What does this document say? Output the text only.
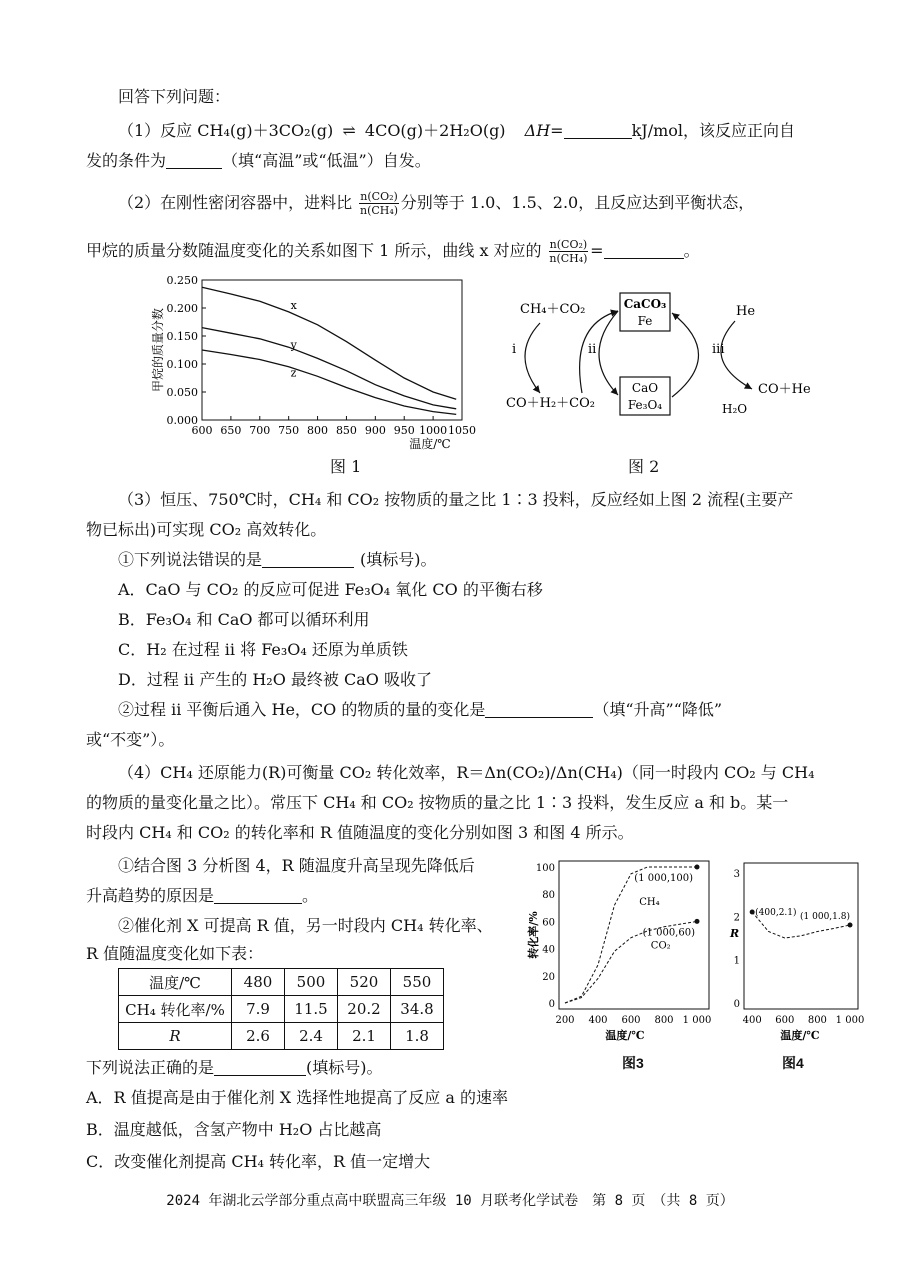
回答下列问题：
（1）反应 CH₄(g)＋3CO₂(g) ⇌ 4CO(g)＋2H₂O(g) ΔH=	kJ/mol，该反应正向自
发的条件为	（填“高温”或“低温”）自发。
（2）在刚性密闭容器中，进料比 $\frac{\text{n(CO₂)}}{\text{n(CH₄)}}$ 分别等于 1.0、1.5、2.0，且反应达到平衡状态，
甲烷的质量分数随温度变化的关系如图下 1 所示，曲线 x 对应的 $\frac{\text{n(CO₂)}}{\text{n(CH₄)}}$ =	。
0.250
0.200
0.150
0.100
0.050
0.000
600 650 700 750 800 850 900 950 1000 1050
温度/℃
甲烷的质量分数
x
y
z
图 1
CH₄＋CO₂	CaCO₃
Fe
CaO
Fe₃O₄
He
CO＋H₂＋CO₂
CO＋He
H₂O
i	ii	iii
图 2
（3）恒压、750℃时，CH₄ 和 CO₂ 按物质的量之比 1∶3 投料，反应经如上图 2 流程(主要产
物已标出)可实现 CO₂ 高效转化。
①下列说法错误的是	(填标号)。
A．CaO 与 CO₂ 的反应可促进 Fe₃O₄ 氧化 CO 的平衡右移
B．Fe₃O₄ 和 CaO 都可以循环利用
C．H₂ 在过程 ii 将 Fe₃O₄ 还原为单质铁
D．过程 ii 产生的 H₂O 最终被 CaO 吸收了
②过程 ii 平衡后通入 He，CO 的物质的量的变化是	（填“升高”“降低”
或“不变”）。
（4）CH₄ 还原能力(R)可衡量 CO₂ 转化效率，R＝Δn(CO₂)/Δn(CH₄)（同一时段内 CO₂ 与 CH₄
的物质的量变化量之比）。常压下 CH₄ 和 CO₂ 按物质的量之比 1∶3 投料，发生反应 a 和 b。某一
时段内 CH₄ 和 CO₂ 的转化率和 R 值随温度的变化分别如图 3 和图 4 所示。
①结合图 3 分析图 4，R 随温度升高呈现先降低后
升高趋势的原因是	。
②催化剂 X 可提高 R 值，另一时段内 CH₄ 转化率、
R 值随温度变化如下表：
温度/℃	480	500	520	550
CH₄ 转化率/%	7.9	11.5	20.2	34.8
R	2.6	2.4	2.1	1.8
下列说法正确的是	(填标号)。
A．R 值提高是由于催化剂 X 选择性地提高了反应 a 的速率
B．温度越低，含氢产物中 H₂O 占比越高
C．改变催化剂提高 CH₄ 转化率，R 值一定增大
100
80
60
40
20
0
200 400 600 800 1 000
温度/℃
转化率/%
(1 000,100)
(1 000,60)
CH₄
CO₂
图3
3
2
1
0
400 600 800 1 000
温度/℃
R
(400,2.1) (1 000,1.8)
图4
2024 年湖北云学部分重点高中联盟高三年级 10 月联考化学试卷　第 8 页　（共 8 页）
